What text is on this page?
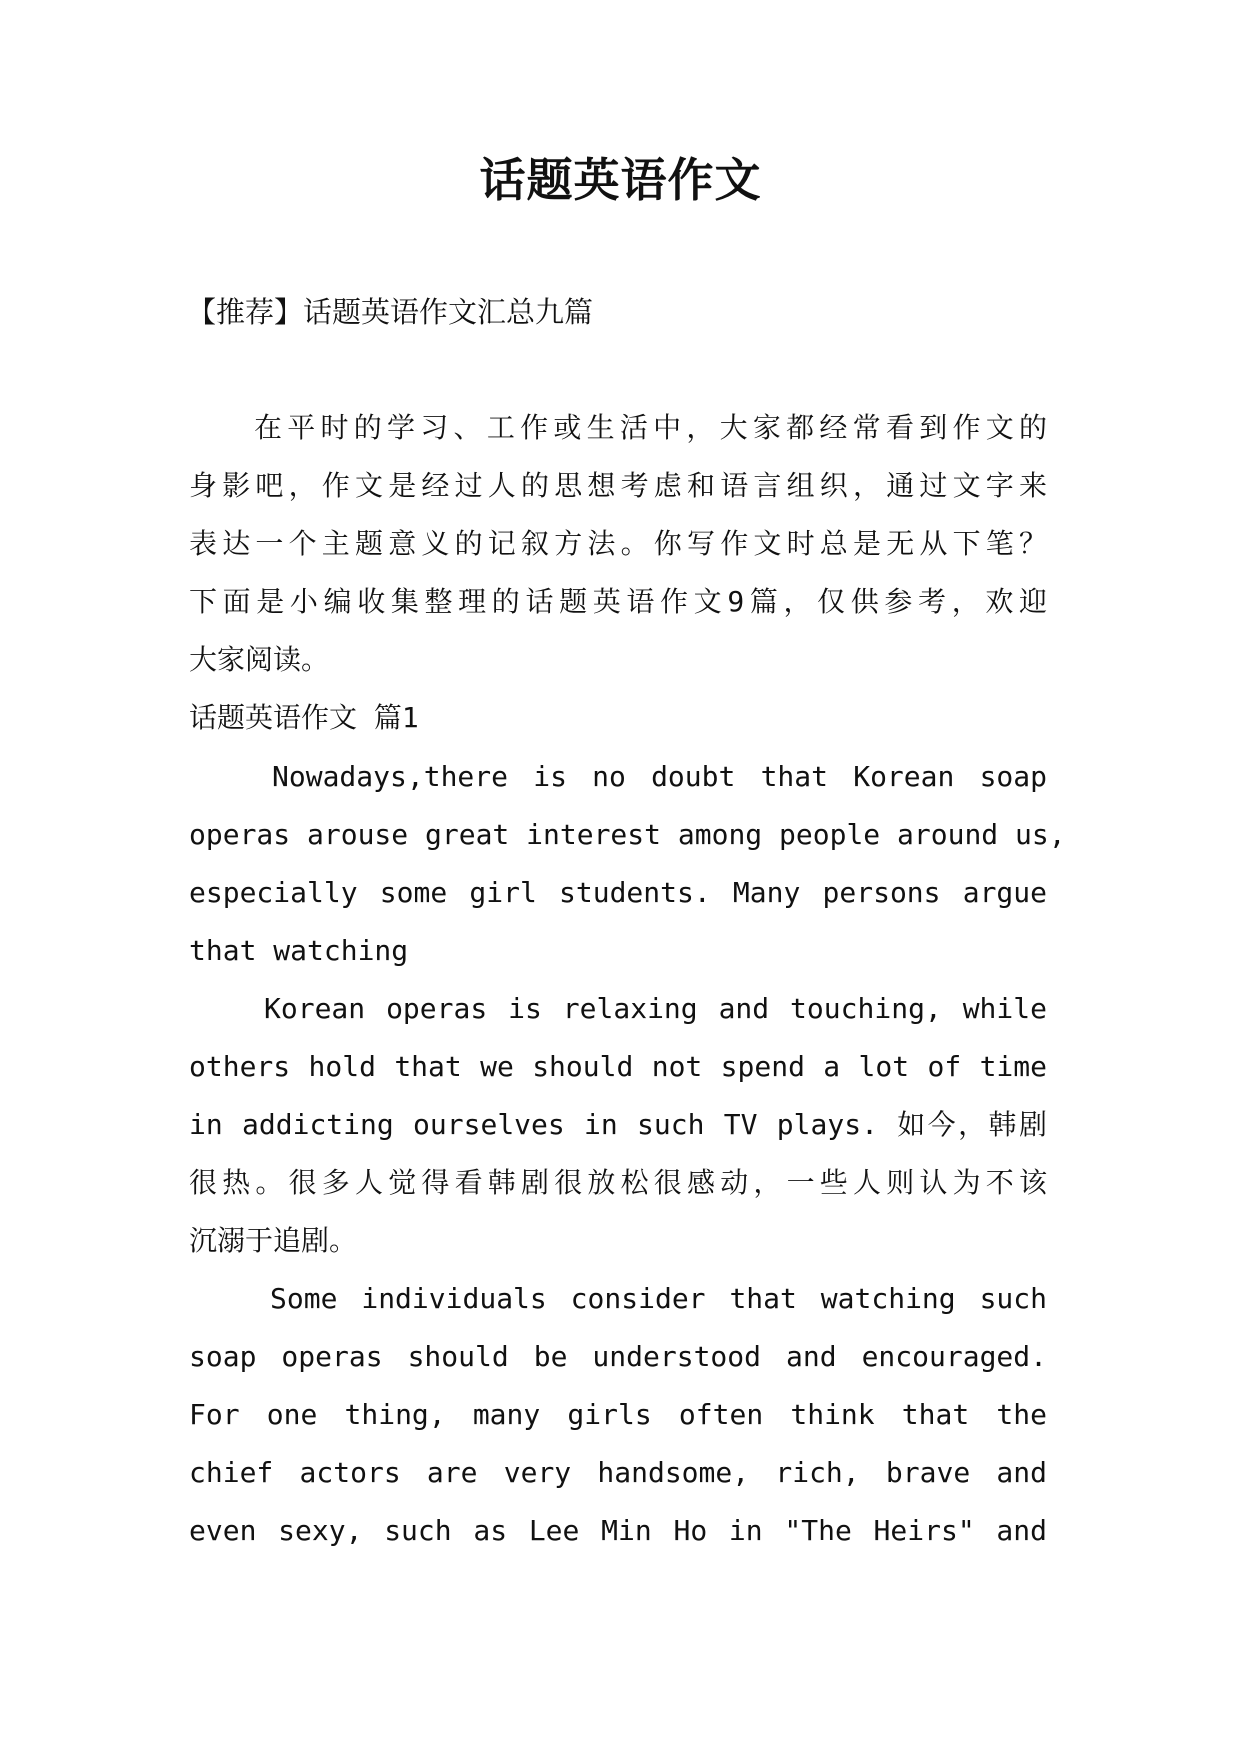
话题英语作文
【推荐】话题英语作文汇总九篇
在平时的学习、工作或生活中，大家都经常看到作文的
身影吧，作文是经过人的思想考虑和语言组织，通过文字来
表达一个主题意义的记叙方法。你写作文时总是无从下笔？
下面是小编收集整理的话题英语作文9篇，仅供参考，欢迎
大家阅读。
话题英语作文 篇1
Nowadays,there is no doubt that Korean soap
operas arouse great interest among people around us,
especially some girl students. Many persons argue
that watching
Korean operas is relaxing and touching, while
others hold that we should not spend a lot of time
in addicting ourselves in such TV plays. 如今，韩剧
很热。很多人觉得看韩剧很放松很感动，一些人则认为不该
沉溺于追剧。
Some individuals consider that watching such
soap operas should be understood and encouraged.
For one thing, many girls often think that the
chief actors are very handsome, rich, brave and
even sexy, such as Lee Min Ho in "The Heirs" and
